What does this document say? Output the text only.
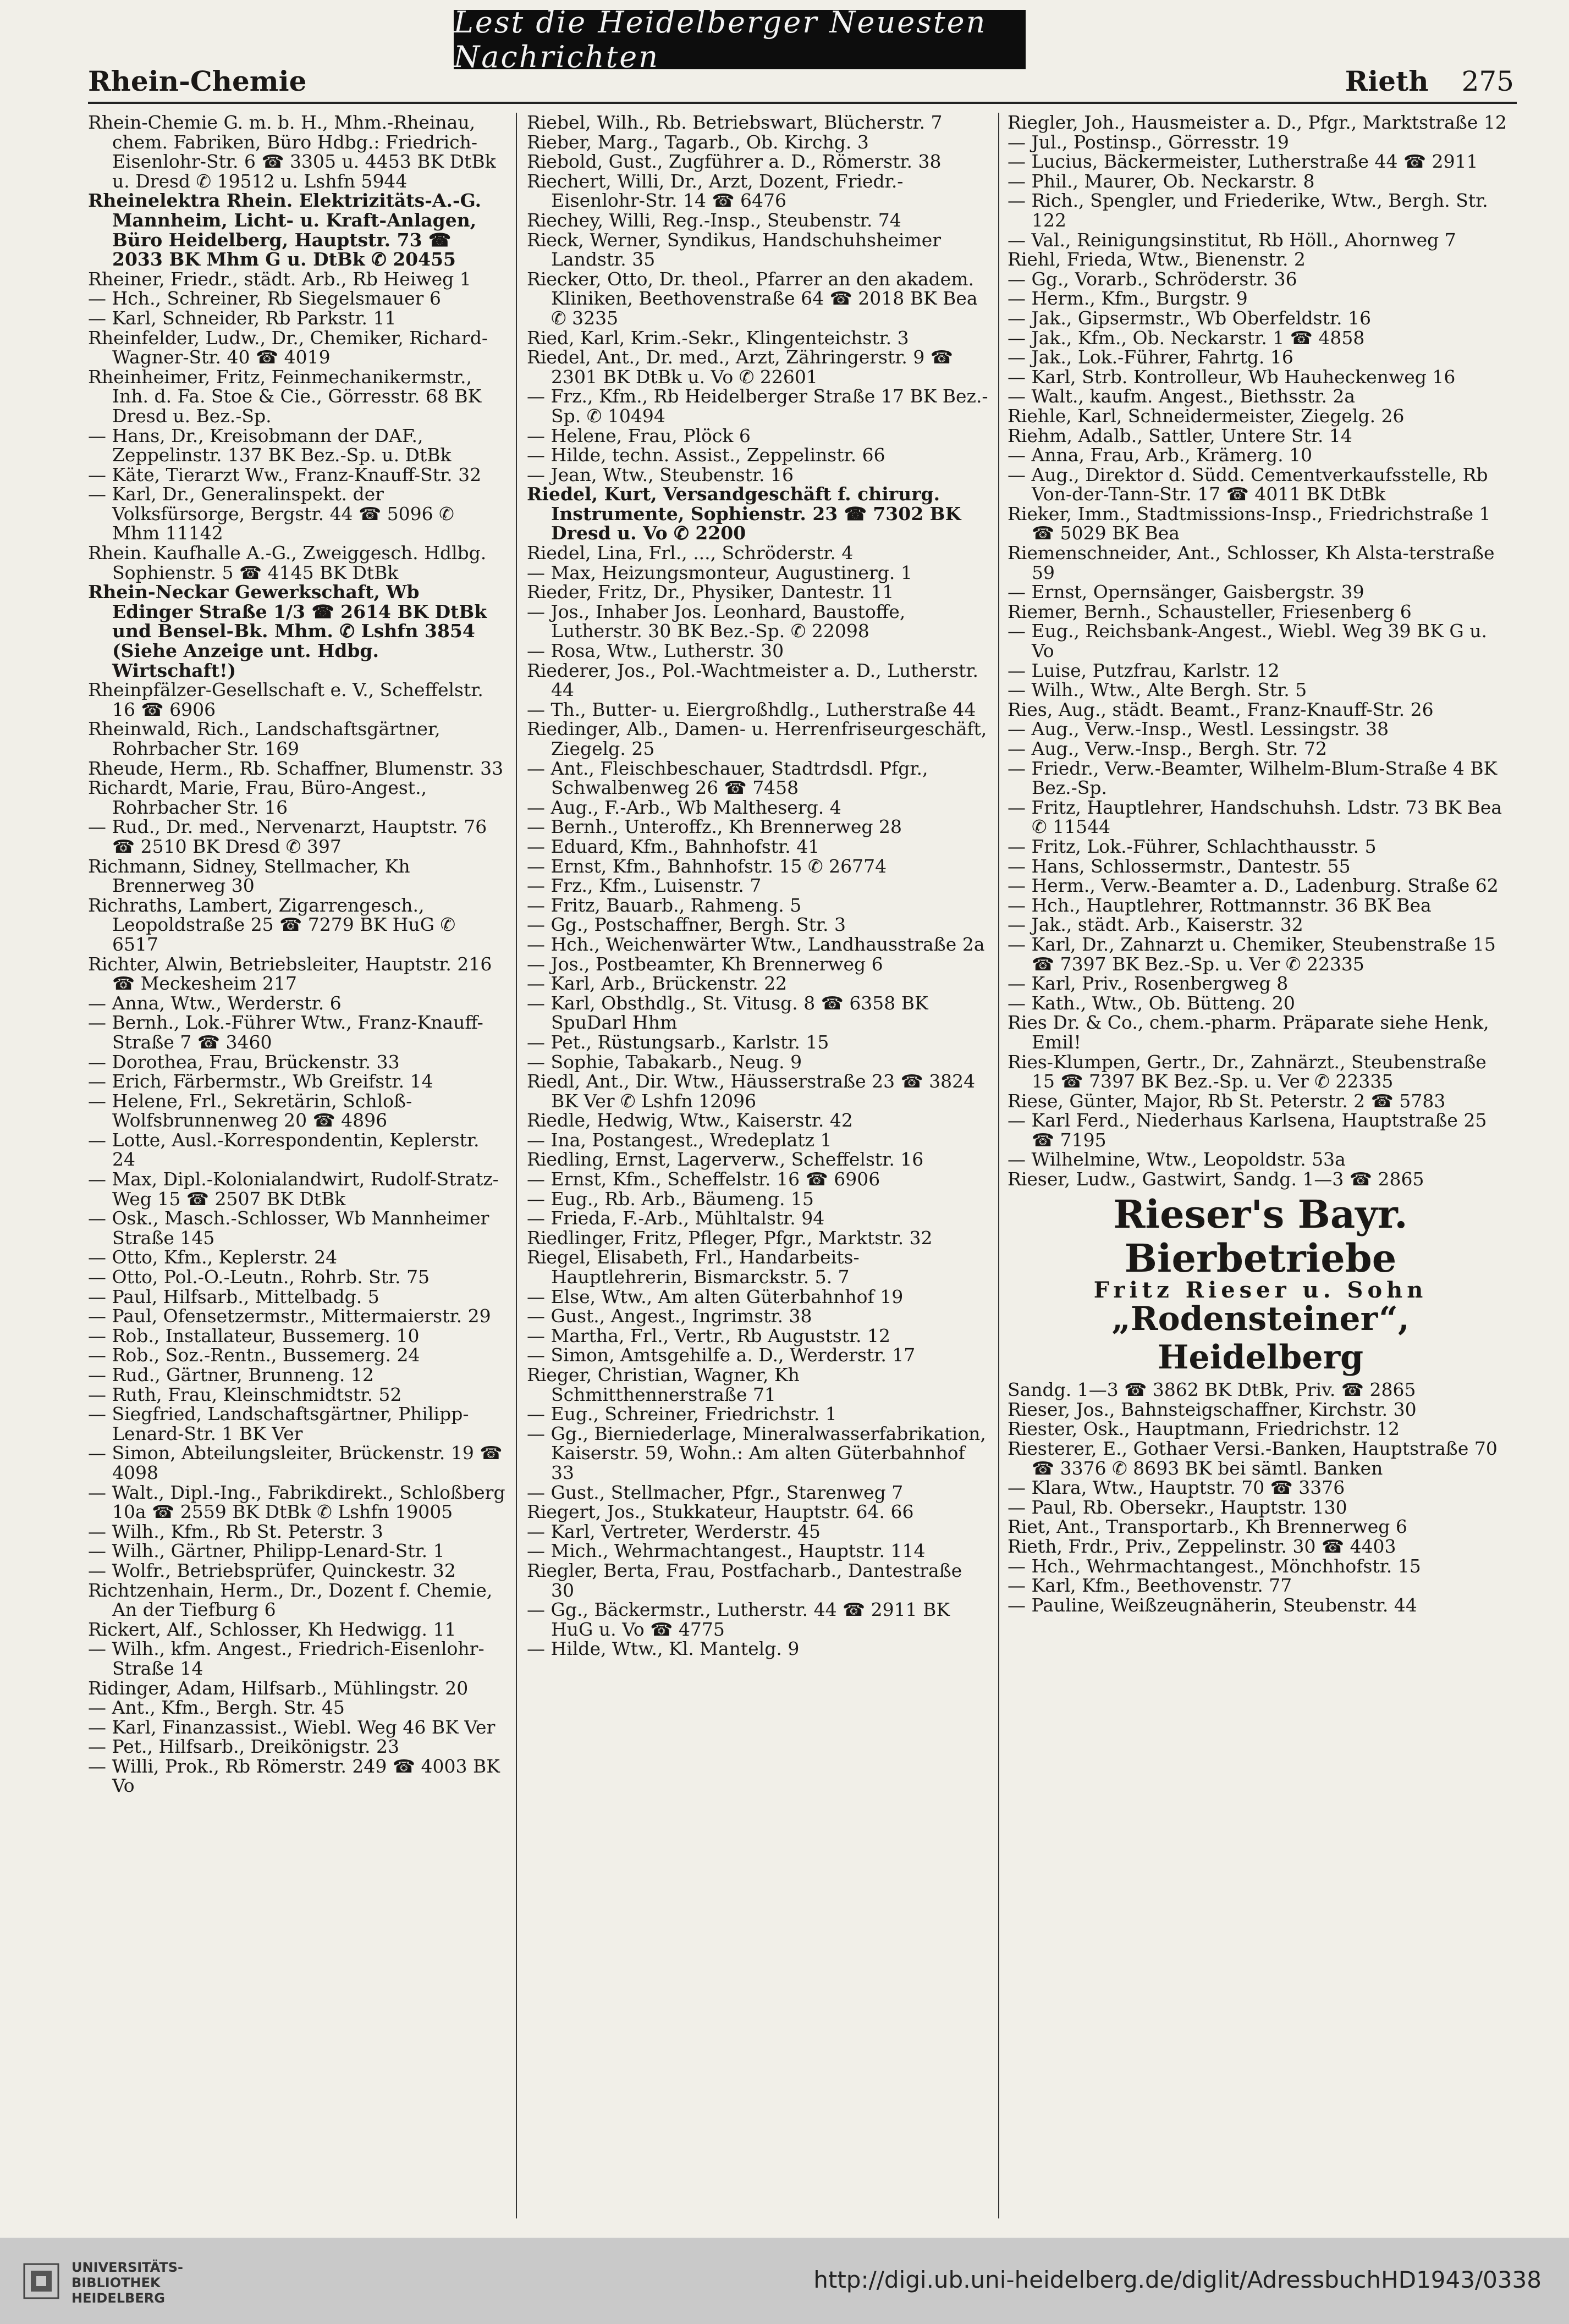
Lest die Heidelberger Neuesten Nachrichten
Rhein-Chemie	Rieth 275

Rhein-Chemie G. m. b. H., Mhm.-Rheinau, chem. Fabriken, Büro Hdbg.: Friedrich-Eisenlohr-Str. 6 ☎ 3305 u. 4453 BK DtBk u. Dresd ✆ 19512 u. Lshfn 5944

Rheinelektra Rhein. Elektrizitäts-A.-G. Mannheim, Licht- u. Kraft-Anlagen, Büro Heidelberg, Hauptstr. 73 ☎ 2033 BK Mhm G u. DtBk ✆ 20455

Rheiner, Friedr., städt. Arb., Rb Heiweg 1

— Hch., Schreiner, Rb Siegelsmauer 6

— Karl, Schneider, Rb Parkstr. 11

Rheinfelder, Ludw., Dr., Chemiker, Richard-Wagner-Str. 40 ☎ 4019

Rheinheimer, Fritz, Feinmechanikermstr., Inh. d. Fa. Stoe & Cie., Görresstr. 68 BK Dresd u. Bez.-Sp.

— Hans, Dr., Kreisobmann der DAF., Zeppelinstr. 137 BK Bez.-Sp. u. DtBk

— Käte, Tierarzt Ww., Franz-Knauff-Str. 32

— Karl, Dr., Generalinspekt. der Volksfürsorge, Bergstr. 44 ☎ 5096 ✆ Mhm 11142

Rhein. Kaufhalle A.-G., Zweiggesch. Hdlbg. Sophienstr. 5 ☎ 4145 BK DtBk

Rhein-Neckar Gewerkschaft, Wb Edinger Straße 1/3 ☎ 2614 BK DtBk und Bensel-Bk. Mhm. ✆ Lshfn 3854 (Siehe Anzeige unt. Hdbg. Wirtschaft!)

Rheinpfälzer-Gesellschaft e. V., Scheffelstr. 16 ☎ 6906

Rheinwald, Rich., Landschaftsgärtner, Rohrbacher Str. 169

Rheude, Herm., Rb. Schaffner, Blumenstr. 33

Richardt, Marie, Frau, Büro-Angest., Rohrbacher Str. 16

— Rud., Dr. med., Nervenarzt, Hauptstr. 76 ☎ 2510 BK Dresd ✆ 397

Richmann, Sidney, Stellmacher, Kh Brennerweg 30

Richraths, Lambert, Zigarrengesch., Leopoldstraße 25 ☎ 7279 BK HuG ✆ 6517

Richter, Alwin, Betriebsleiter, Hauptstr. 216 ☎ Meckesheim 217

— Anna, Wtw., Werderstr. 6

— Bernh., Lok.-Führer Wtw., Franz-Knauff-Straße 7 ☎ 3460

— Dorothea, Frau, Brückenstr. 33

— Erich, Färbermstr., Wb Greifstr. 14

— Helene, Frl., Sekretärin, Schloß-Wolfsbrunnenweg 20 ☎ 4896

— Lotte, Ausl.-Korrespondentin, Keplerstr. 24

— Max, Dipl.-Kolonialandwirt, Rudolf-Stratz-Weg 15 ☎ 2507 BK DtBk

— Osk., Masch.-Schlosser, Wb Mannheimer Straße 145

— Otto, Kfm., Keplerstr. 24

— Otto, Pol.-O.-Leutn., Rohrb. Str. 75

— Paul, Hilfsarb., Mittelbadg. 5

— Paul, Ofensetzermstr., Mittermaierstr. 29

— Rob., Installateur, Bussemerg. 10

— Rob., Soz.-Rentn., Bussemerg. 24

— Rud., Gärtner, Brunneng. 12

— Ruth, Frau, Kleinschmidtstr. 52

— Siegfried, Landschaftsgärtner, Philipp-Lenard-Str. 1 BK Ver

— Simon, Abteilungsleiter, Brückenstr. 19 ☎ 4098

— Walt., Dipl.-Ing., Fabrikdirekt., Schloßberg 10a ☎ 2559 BK DtBk ✆ Lshfn 19005

— Wilh., Kfm., Rb St. Peterstr. 3

— Wilh., Gärtner, Philipp-Lenard-Str. 1

— Wolfr., Betriebsprüfer, Quinckestr. 32

Richtzenhain, Herm., Dr., Dozent f. Chemie, An der Tiefburg 6

Rickert, Alf., Schlosser, Kh Hedwigg. 11

— Wilh., kfm. Angest., Friedrich-Eisenlohr-Straße 14

Ridinger, Adam, Hilfsarb., Mühlingstr. 20

— Ant., Kfm., Bergh. Str. 45

— Karl, Finanzassist., Wiebl. Weg 46 BK Ver

— Pet., Hilfsarb., Dreikönigstr. 23

— Willi, Prok., Rb Römerstr. 249 ☎ 4003 BK Vo

Riebel, Wilh., Rb. Betriebswart, Blücherstr. 7

Rieber, Marg., Tagarb., Ob. Kirchg. 3

Riebold, Gust., Zugführer a. D., Römerstr. 38

Riechert, Willi, Dr., Arzt, Dozent, Friedr.-Eisenlohr-Str. 14 ☎ 6476

Riechey, Willi, Reg.-Insp., Steubenstr. 74

Rieck, Werner, Syndikus, Handschuhsheimer Landstr. 35

Riecker, Otto, Dr. theol., Pfarrer an den akadem. Kliniken, Beethovenstraße 64 ☎ 2018 BK Bea ✆ 3235

Ried, Karl, Krim.-Sekr., Klingenteichstr. 3

Riedel, Ant., Dr. med., Arzt, Zähringerstr. 9 ☎ 2301 BK DtBk u. Vo ✆ 22601

— Frz., Kfm., Rb Heidelberger Straße 17 BK Bez.-Sp. ✆ 10494

— Helene, Frau, Plöck 6

— Hilde, techn. Assist., Zeppelinstr. 66

— Jean, Wtw., Steubenstr. 16

Riedel, Kurt, Versandgeschäft f. chirurg. Instrumente, Sophienstr. 23 ☎ 7302 BK Dresd u. Vo ✆ 2200

Riedel, Lina, Frl., ..., Schröderstr. 4

— Max, Heizungsmonteur, Augustinerg. 1

Rieder, Fritz, Dr., Physiker, Dantestr. 11

— Jos., Inhaber Jos. Leonhard, Baustoffe, Lutherstr. 30 BK Bez.-Sp. ✆ 22098

— Rosa, Wtw., Lutherstr. 30

Riederer, Jos., Pol.-Wachtmeister a. D., Lutherstr. 44

— Th., Butter- u. Eiergroßhdlg., Lutherstraße 44

Riedinger, Alb., Damen- u. Herrenfriseurgeschäft, Ziegelg. 25

— Ant., Fleischbeschauer, Stadtrdsdl. Pfgr., Schwalbenweg 26 ☎ 7458

— Aug., F.-Arb., Wb Maltheserg. 4

— Bernh., Unteroffz., Kh Brennerweg 28

— Eduard, Kfm., Bahnhofstr. 41

— Ernst, Kfm., Bahnhofstr. 15 ✆ 26774

— Frz., Kfm., Luisenstr. 7

— Fritz, Bauarb., Rahmeng. 5

— Gg., Postschaffner, Bergh. Str. 3

— Hch., Weichenwärter Wtw., Landhausstraße 2a

— Jos., Postbeamter, Kh Brennerweg 6

— Karl, Arb., Brückenstr. 22

— Karl, Obsthdlg., St. Vitusg. 8 ☎ 6358 BK SpuDarl Hhm

— Pet., Rüstungsarb., Karlstr. 15

— Sophie, Tabakarb., Neug. 9

Riedl, Ant., Dir. Wtw., Häusserstraße 23 ☎ 3824 BK Ver ✆ Lshfn 12096

Riedle, Hedwig, Wtw., Kaiserstr. 42

— Ina, Postangest., Wredeplatz 1

Riedling, Ernst, Lagerverw., Scheffelstr. 16

— Ernst, Kfm., Scheffelstr. 16 ☎ 6906

— Eug., Rb. Arb., Bäumeng. 15

— Frieda, F.-Arb., Mühltalstr. 94

Riedlinger, Fritz, Pfleger, Pfgr., Marktstr. 32

Riegel, Elisabeth, Frl., Handarbeits-Hauptlehrerin, Bismarckstr. 5. 7

— Else, Wtw., Am alten Güterbahnhof 19

— Gust., Angest., Ingrimstr. 38

— Martha, Frl., Vertr., Rb Auguststr. 12

— Simon, Amtsgehilfe a. D., Werderstr. 17

Rieger, Christian, Wagner, Kh Schmitthennerstraße 71

— Eug., Schreiner, Friedrichstr. 1

— Gg., Bierniederlage, Mineralwasserfabrikation, Kaiserstr. 59, Wohn.: Am alten Güterbahnhof 33

— Gust., Stellmacher, Pfgr., Starenweg 7

Riegert, Jos., Stukkateur, Hauptstr. 64. 66

— Karl, Vertreter, Werderstr. 45

— Mich., Wehrmachtangest., Hauptstr. 114

Riegler, Berta, Frau, Postfacharb., Dantestraße 30

— Gg., Bäckermstr., Lutherstr. 44 ☎ 2911 BK HuG u. Vo ☎ 4775

— Hilde, Wtw., Kl. Mantelg. 9

Riegler, Joh., Hausmeister a. D., Pfgr., Marktstraße 12

— Jul., Postinsp., Görresstr. 19

— Lucius, Bäckermeister, Lutherstraße 44 ☎ 2911

— Phil., Maurer, Ob. Neckarstr. 8

— Rich., Spengler, und Friederike, Wtw., Bergh. Str. 122

— Val., Reinigungsinstitut, Rb Höll., Ahornweg 7

Riehl, Frieda, Wtw., Bienenstr. 2

— Gg., Vorarb., Schröderstr. 36

— Herm., Kfm., Burgstr. 9

— Jak., Gipsermstr., Wb Oberfeldstr. 16

— Jak., Kfm., Ob. Neckarstr. 1 ☎ 4858

— Jak., Lok.-Führer, Fahrtg. 16

— Karl, Strb. Kontrolleur, Wb Hauheckenweg 16

— Walt., kaufm. Angest., Biethsstr. 2a

Riehle, Karl, Schneidermeister, Ziegelg. 26

Riehm, Adalb., Sattler, Untere Str. 14

— Anna, Frau, Arb., Krämerg. 10

— Aug., Direktor d. Südd. Cementverkaufsstelle, Rb Von-der-Tann-Str. 17 ☎ 4011 BK DtBk

Rieker, Imm., Stadtmissions-Insp., Friedrichstraße 1 ☎ 5029 BK Bea

Riemenschneider, Ant., Schlosser, Kh Alsta-terstraße 59

— Ernst, Opernsänger, Gaisbergstr. 39

Riemer, Bernh., Schausteller, Friesenberg 6

— Eug., Reichsbank-Angest., Wiebl. Weg 39 BK G u. Vo

— Luise, Putzfrau, Karlstr. 12

— Wilh., Wtw., Alte Bergh. Str. 5

Ries, Aug., städt. Beamt., Franz-Knauff-Str. 26

— Aug., Verw.-Insp., Westl. Lessingstr. 38

— Aug., Verw.-Insp., Bergh. Str. 72

— Friedr., Verw.-Beamter, Wilhelm-Blum-Straße 4 BK Bez.-Sp.

— Fritz, Hauptlehrer, Handschuhsh. Ldstr. 73 BK Bea ✆ 11544

— Fritz, Lok.-Führer, Schlachthausstr. 5

— Hans, Schlossermstr., Dantestr. 55

— Herm., Verw.-Beamter a. D., Ladenburg. Straße 62

— Hch., Hauptlehrer, Rottmannstr. 36 BK Bea

— Jak., städt. Arb., Kaiserstr. 32

— Karl, Dr., Zahnarzt u. Chemiker, Steubenstraße 15 ☎ 7397 BK Bez.-Sp. u. Ver ✆ 22335

— Karl, Priv., Rosenbergweg 8

— Kath., Wtw., Ob. Bütteng. 20

Ries Dr. & Co., chem.-pharm. Präparate siehe Henk, Emil!

Ries-Klumpen, Gertr., Dr., Zahnärzt., Steubenstraße 15 ☎ 7397 BK Bez.-Sp. u. Ver ✆ 22335

Riese, Günter, Major, Rb St. Peterstr. 2 ☎ 5783

— Karl Ferd., Niederhaus Karlsena, Hauptstraße 25 ☎ 7195

— Wilhelmine, Wtw., Leopoldstr. 53a

Rieser, Ludw., Gastwirt, Sandg. 1—3 ☎ 2865

Rieser's Bayr. Bierbetriebe
Fritz Rieser u. Sohn
„Rodensteiner“, Heidelberg

Sandg. 1—3 ☎ 3862 BK DtBk, Priv. ☎ 2865

Rieser, Jos., Bahnsteigschaffner, Kirchstr. 30

Riester, Osk., Hauptmann, Friedrichstr. 12

Riesterer, E., Gothaer Versi.-Banken, Hauptstraße 70 ☎ 3376 ✆ 8693 BK bei sämtl. Banken

— Klara, Wtw., Hauptstr. 70 ☎ 3376

— Paul, Rb. Obersekr., Hauptstr. 130

Riet, Ant., Transportarb., Kh Brennerweg 6

Rieth, Frdr., Priv., Zeppelinstr. 30 ☎ 4403

— Hch., Wehrmachtangest., Mönchhofstr. 15

— Karl, Kfm., Beethovenstr. 77

— Pauline, Weißzeugnäherin, Steubenstr. 44

UNIVERSITÄTS-
BIBLIOTHEK
HEIDELBERG
http://digi.ub.uni-heidelberg.de/diglit/AdressbuchHD1943/0338
